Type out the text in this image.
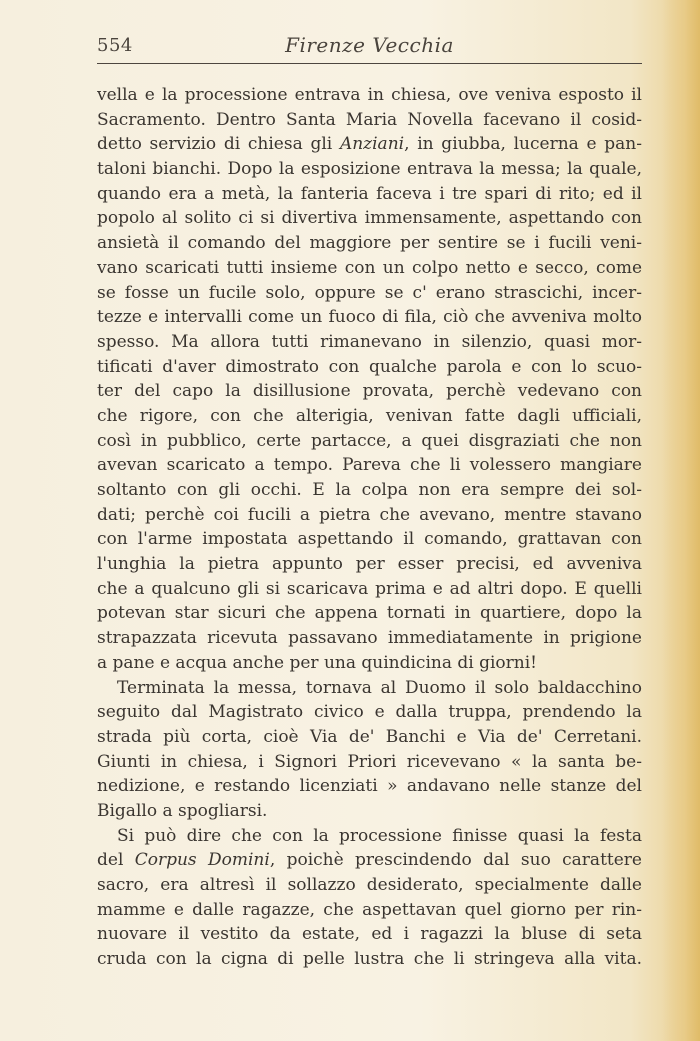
554	Firenze Vecchia
vella e la processione entrava in chiesa, ove veniva esposto il
Sacramento. Dentro Santa Maria Novella facevano il cosid-
detto servizio di chiesa gli Anziani, in giubba, lucerna e pan-
taloni bianchi. Dopo la esposizione entrava la messa; la quale,
quando era a metà, la fanteria faceva i tre spari di rito; ed il
popolo al solito ci si divertiva immensamente, aspettando con
ansietà il comando del maggiore per sentire se i fucili veni-
vano scaricati tutti insieme con un colpo netto e secco, come
se fosse un fucile solo, oppure se c' erano strascichi, incer-
tezze e intervalli come un fuoco di fila, ciò che avveniva molto
spesso. Ma allora tutti rimanevano in silenzio, quasi mor-
tificati d'aver dimostrato con qualche parola e con lo scuo-
ter del capo la disillusione provata, perchè vedevano con
che rigore, con che alterigia, venivan fatte dagli ufficiali,
così in pubblico, certe partacce, a quei disgraziati che non
avevan scaricato a tempo. Pareva che li volessero mangiare
soltanto con gli occhi. E la colpa non era sempre dei sol-
dati; perchè coi fucili a pietra che avevano, mentre stavano
con l'arme impostata aspettando il comando, grattavan con
l'unghia la pietra appunto per esser precisi, ed avveniva
che a qualcuno gli si scaricava prima e ad altri dopo. E quelli
potevan star sicuri che appena tornati in quartiere, dopo la
strapazzata ricevuta passavano immediatamente in prigione
a pane e acqua anche per una quindicina di giorni!
Terminata la messa, tornava al Duomo il solo baldacchino
seguito dal Magistrato civico e dalla truppa, prendendo la
strada più corta, cioè Via de' Banchi e Via de' Cerretani.
Giunti in chiesa, i Signori Priori ricevevano « la santa be-
nedizione, e restando licenziati » andavano nelle stanze del
Bigallo a spogliarsi.
Si può dire che con la processione finisse quasi la festa
del Corpus Domini, poichè prescindendo dal suo carattere
sacro, era altresì il sollazzo desiderato, specialmente dalle
mamme e dalle ragazze, che aspettavan quel giorno per rin-
nuovare il vestito da estate, ed i ragazzi la bluse di seta
cruda con la cigna di pelle lustra che li stringeva alla vita.
